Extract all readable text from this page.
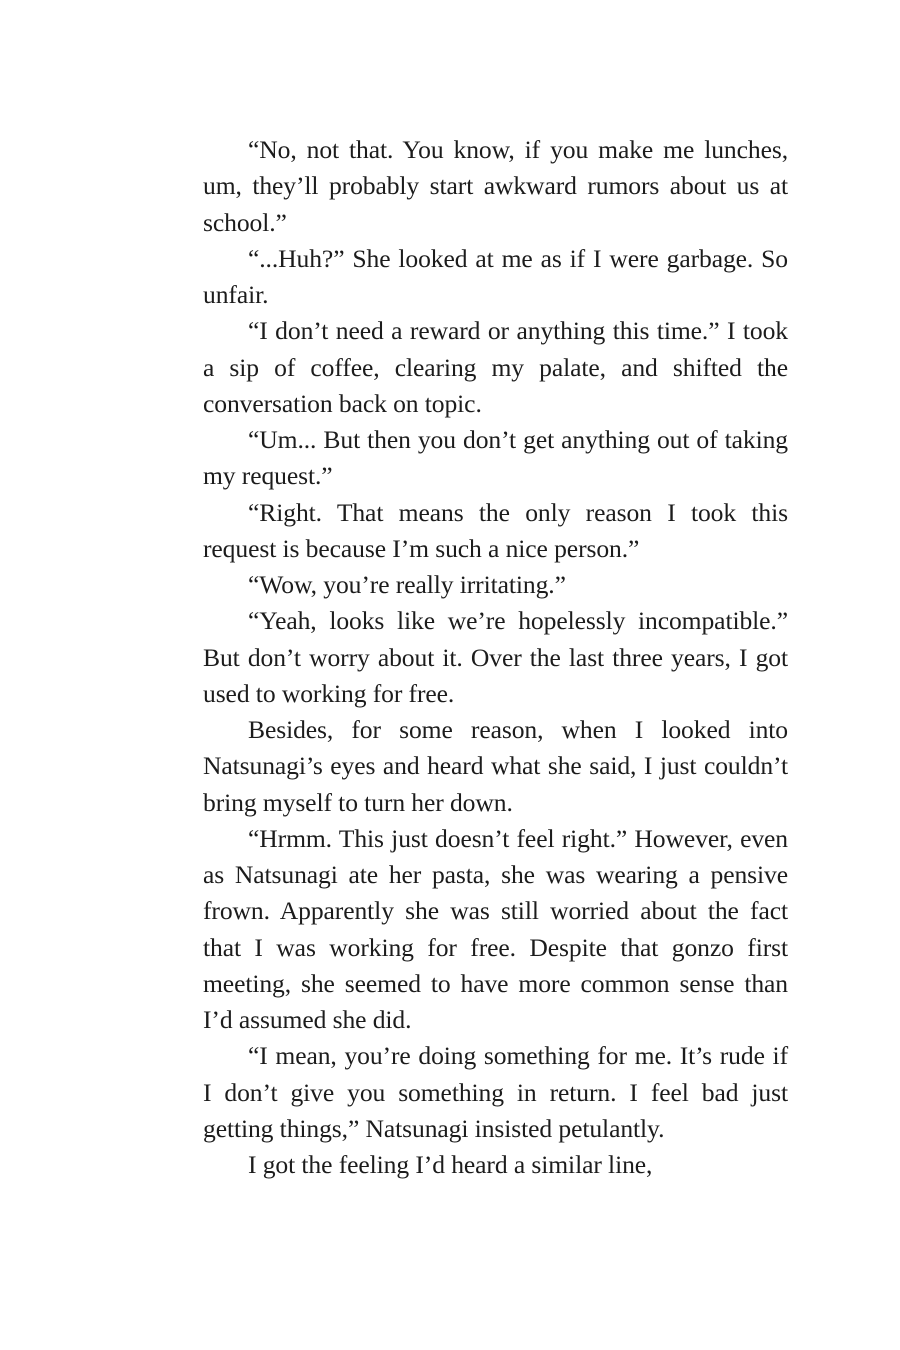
“No, not that. You know, if you make me lunches, um, they’ll probably start awkward rumors about us at school.”

“...Huh?” She looked at me as if I were garbage. So unfair.

“I don’t need a reward or anything this time.” I took a sip of coffee, clearing my palate, and shifted the conversation back on topic.

“Um... But then you don’t get anything out of taking my request.”

“Right. That means the only reason I took this request is because I’m such a nice person.”

“Wow, you’re really irritating.”

“Yeah, looks like we’re hopelessly incompatible.” But don’t worry about it. Over the last three years, I got used to working for free.

Besides, for some reason, when I looked into Natsunagi’s eyes and heard what she said, I just couldn’t bring myself to turn her down.

“Hrmm. This just doesn’t feel right.” However, even as Natsunagi ate her pasta, she was wearing a pensive frown. Apparently she was still worried about the fact that I was working for free. Despite that gonzo first meeting, she seemed to have more common sense than I’d assumed she did.

“I mean, you’re doing something for me. It’s rude if I don’t give you something in return. I feel bad just getting things,” Natsunagi insisted petulantly.

I got the feeling I’d heard a similar line,
